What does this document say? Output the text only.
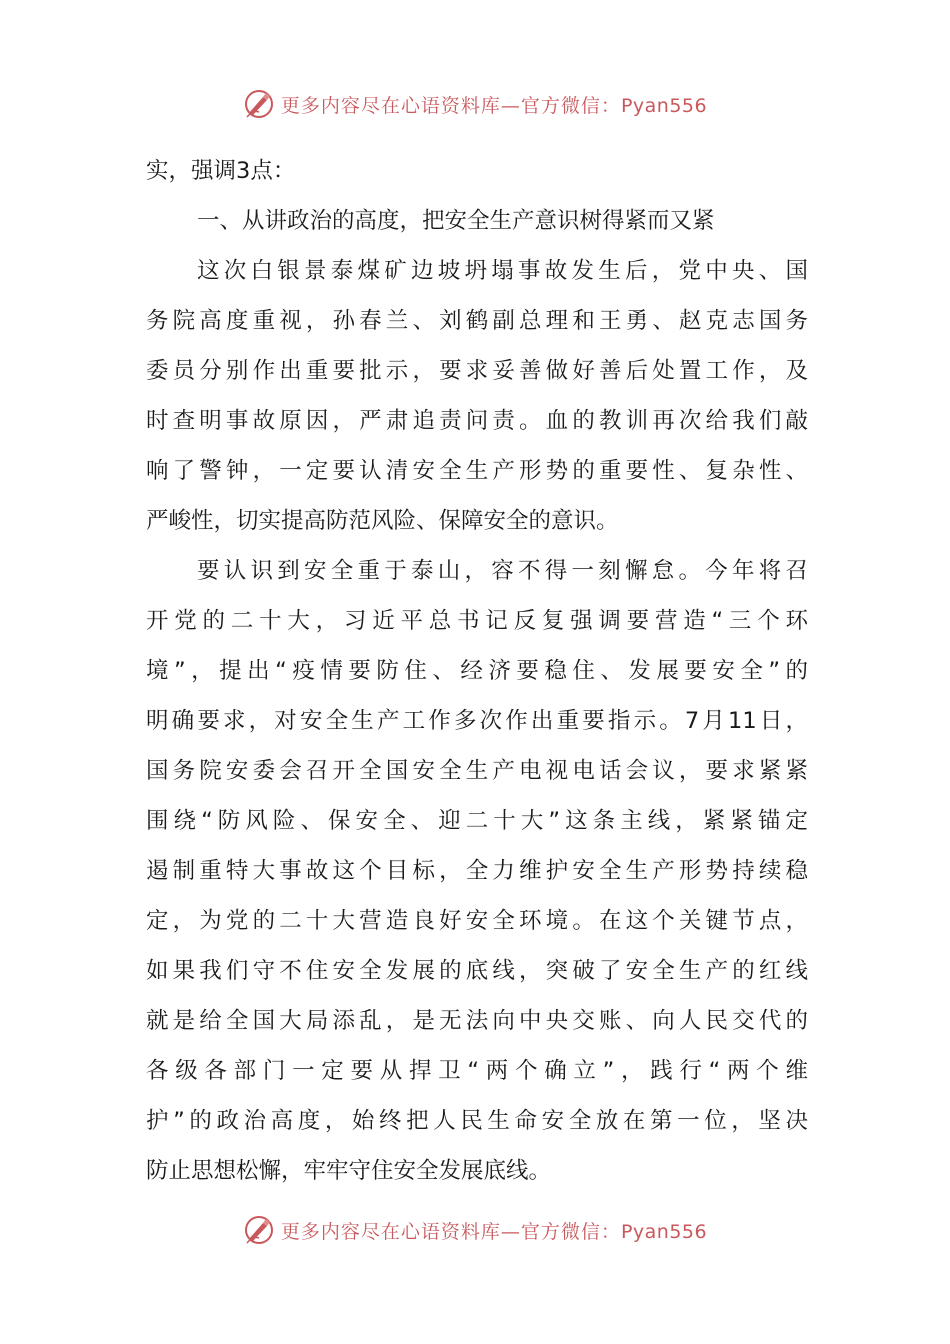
更多内容尽在心语资料库—官方微信：Pyan556
实，强调3点：
一、从讲政治的高度，把安全生产意识树得紧而又紧
这次白银景泰煤矿边坡坍塌事故发生后，党中央、国
务院高度重视，孙春兰、刘鹤副总理和王勇、赵克志国务
委员分别作出重要批示，要求妥善做好善后处置工作，及
时查明事故原因，严肃追责问责。血的教训再次给我们敲
响了警钟，一定要认清安全生产形势的重要性、复杂性、
严峻性，切实提高防范风险、保障安全的意识。
要认识到安全重于泰山，容不得一刻懈怠。今年将召
开党的二十大，习近平总书记反复强调要营造“三个环
境”，提出“疫情要防住、经济要稳住、发展要安全”的
明确要求，对安全生产工作多次作出重要指示。7月11日，
国务院安委会召开全国安全生产电视电话会议，要求紧紧
围绕“防风险、保安全、迎二十大”这条主线，紧紧锚定
遏制重特大事故这个目标，全力维护安全生产形势持续稳
定，为党的二十大营造良好安全环境。在这个关键节点，
如果我们守不住安全发展的底线，突破了安全生产的红线
就是给全国大局添乱，是无法向中央交账、向人民交代的
各级各部门一定要从捍卫“两个确立”，践行“两个维
护”的政治高度，始终把人民生命安全放在第一位，坚决
防止思想松懈，牢牢守住安全发展底线。
更多内容尽在心语资料库—官方微信：Pyan556
